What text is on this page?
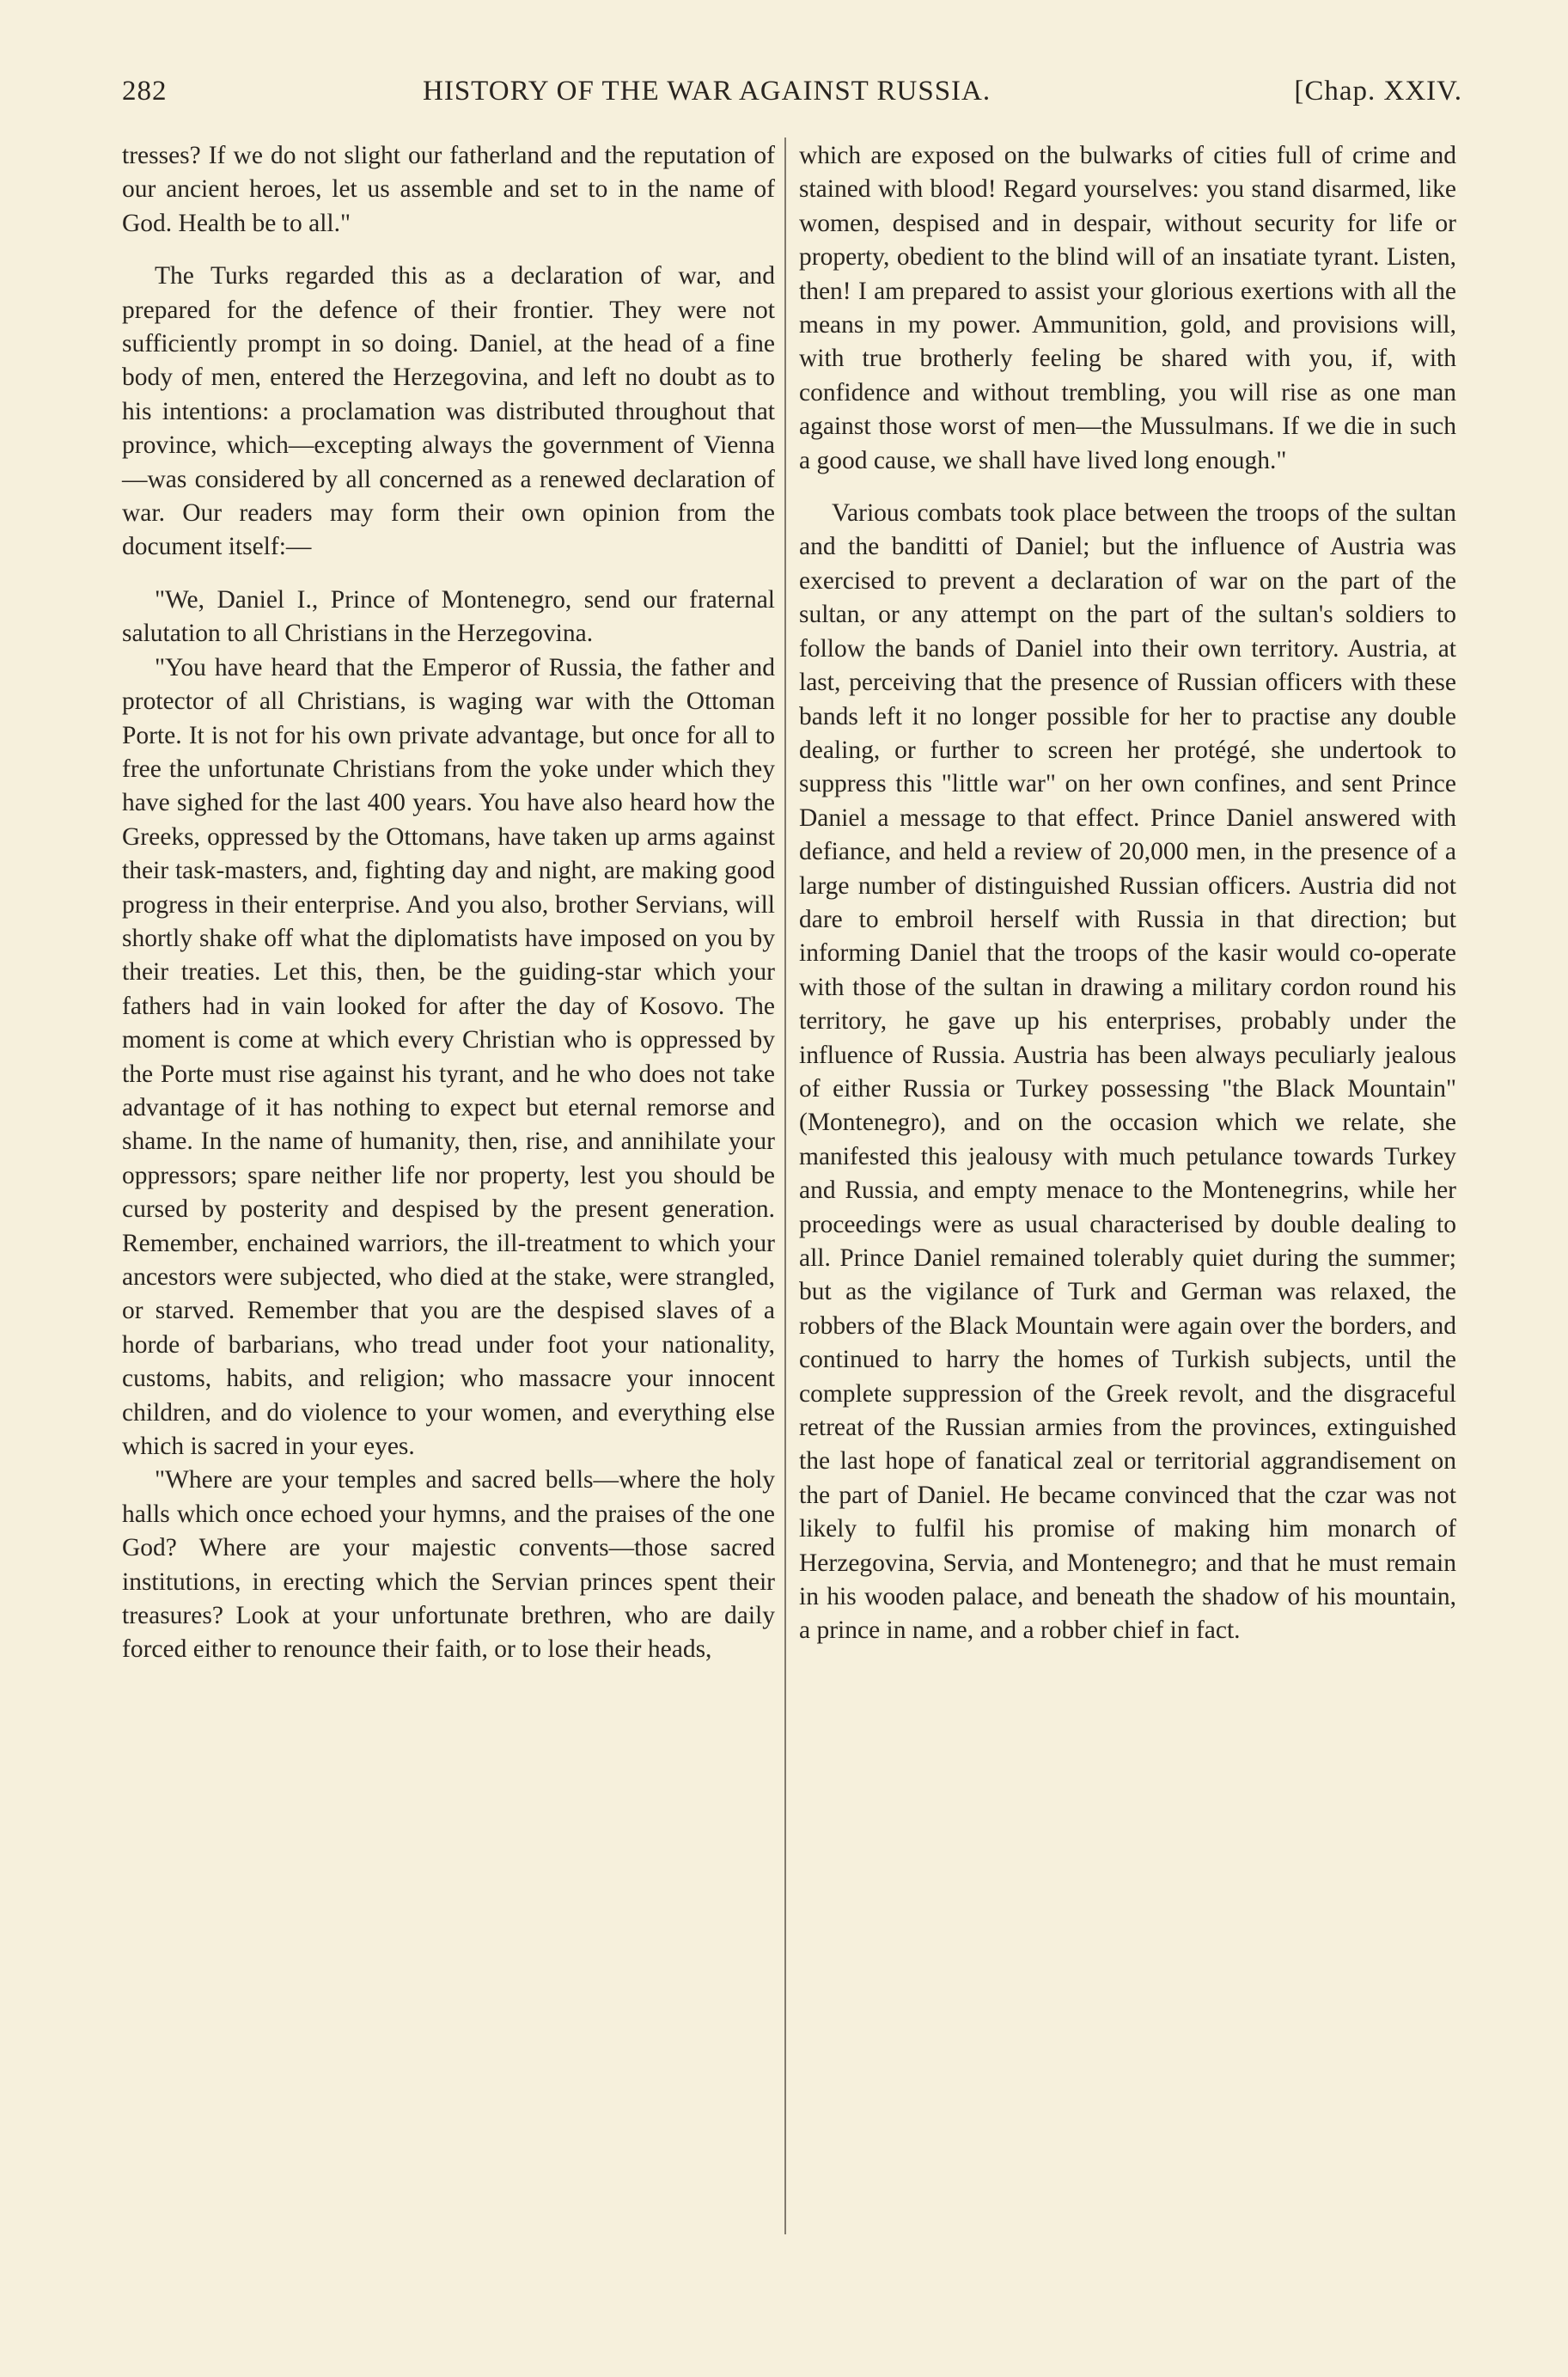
282	HISTORY OF THE WAR AGAINST RUSSIA.	[Chap. XXIV.

tresses? If we do not slight our fatherland and the reputation of our ancient heroes, let us assemble and set to in the name of God. Health be to all."

The Turks regarded this as a declaration of war, and prepared for the defence of their frontier. They were not sufficiently prompt in so doing. Daniel, at the head of a fine body of men, entered the Herzegovina, and left no doubt as to his intentions: a proclamation was distributed throughout that province, which—excepting always the government of Vienna—was considered by all concerned as a renewed declaration of war. Our readers may form their own opinion from the document itself:—

"We, Daniel I., Prince of Montenegro, send our fraternal salutation to all Christians in the Herzegovina.

"You have heard that the Emperor of Russia, the father and protector of all Christians, is waging war with the Ottoman Porte. It is not for his own private advantage, but once for all to free the unfortunate Christians from the yoke under which they have sighed for the last 400 years. You have also heard how the Greeks, oppressed by the Ottomans, have taken up arms against their task-masters, and, fighting day and night, are making good progress in their enterprise. And you also, brother Servians, will shortly shake off what the diplomatists have imposed on you by their treaties. Let this, then, be the guiding-star which your fathers had in vain looked for after the day of Kosovo. The moment is come at which every Christian who is oppressed by the Porte must rise against his tyrant, and he who does not take advantage of it has nothing to expect but eternal remorse and shame. In the name of humanity, then, rise, and annihilate your oppressors; spare neither life nor property, lest you should be cursed by posterity and despised by the present generation. Remember, enchained warriors, the ill-treatment to which your ancestors were subjected, who died at the stake, were strangled, or starved. Remember that you are the despised slaves of a horde of barbarians, who tread under foot your nationality, customs, habits, and religion; who massacre your innocent children, and do violence to your women, and everything else which is sacred in your eyes.

"Where are your temples and sacred bells—where the holy halls which once echoed your hymns, and the praises of the one God? Where are your majestic convents—those sacred institutions, in erecting which the Servian princes spent their treasures? Look at your unfortunate brethren, who are daily forced either to renounce their faith, or to lose their heads,

which are exposed on the bulwarks of cities full of crime and stained with blood! Regard yourselves: you stand disarmed, like women, despised and in despair, without security for life or property, obedient to the blind will of an insatiate tyrant. Listen, then! I am prepared to assist your glorious exertions with all the means in my power. Ammunition, gold, and provisions will, with true brotherly feeling be shared with you, if, with confidence and without trembling, you will rise as one man against those worst of men—the Mussulmans. If we die in such a good cause, we shall have lived long enough."

Various combats took place between the troops of the sultan and the banditti of Daniel; but the influence of Austria was exercised to prevent a declaration of war on the part of the sultan, or any attempt on the part of the sultan's soldiers to follow the bands of Daniel into their own territory. Austria, at last, perceiving that the presence of Russian officers with these bands left it no longer possible for her to practise any double dealing, or further to screen her protégé, she undertook to suppress this "little war" on her own confines, and sent Prince Daniel a message to that effect. Prince Daniel answered with defiance, and held a review of 20,000 men, in the presence of a large number of distinguished Russian officers. Austria did not dare to embroil herself with Russia in that direction; but informing Daniel that the troops of the kasir would co-operate with those of the sultan in drawing a military cordon round his territory, he gave up his enterprises, probably under the influence of Russia. Austria has been always peculiarly jealous of either Russia or Turkey possessing "the Black Mountain" (Montenegro), and on the occasion which we relate, she manifested this jealousy with much petulance towards Turkey and Russia, and empty menace to the Montenegrins, while her proceedings were as usual characterised by double dealing to all. Prince Daniel remained tolerably quiet during the summer; but as the vigilance of Turk and German was relaxed, the robbers of the Black Mountain were again over the borders, and continued to harry the homes of Turkish subjects, until the complete suppression of the Greek revolt, and the disgraceful retreat of the Russian armies from the provinces, extinguished the last hope of fanatical zeal or territorial aggrandisement on the part of Daniel. He became convinced that the czar was not likely to fulfil his promise of making him monarch of Herzegovina, Servia, and Montenegro; and that he must remain in his wooden palace, and beneath the shadow of his mountain, a prince in name, and a robber chief in fact.
